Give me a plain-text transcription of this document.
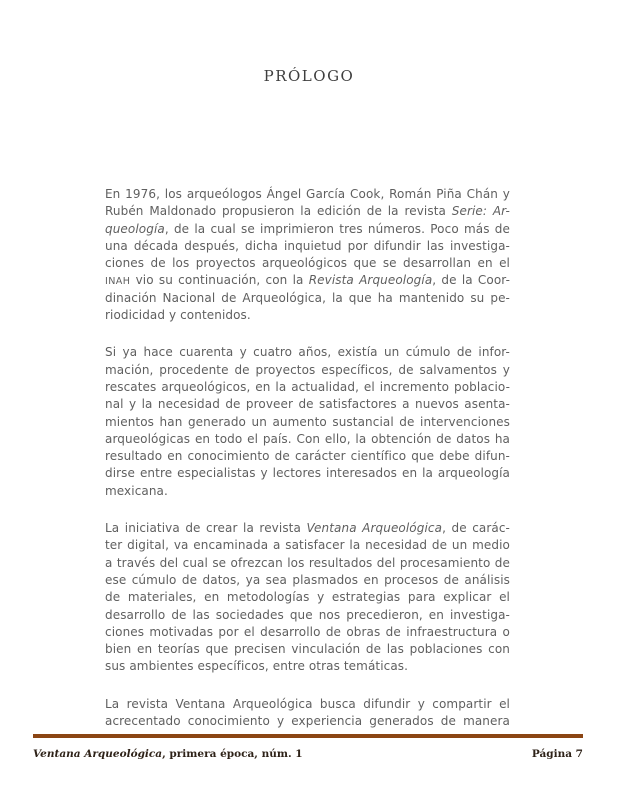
PRÓLOGO
En 1976, los arqueólogos Ángel García Cook, Román Piña Chán y
Rubén Maldonado propusieron la edición de la revista Serie: Ar-
queología, de la cual se imprimieron tres números. Poco más de
una década después, dicha inquietud por difundir las investiga-
ciones de los proyectos arqueológicos que se desarrollan en el
INAH vio su continuación, con la Revista Arqueología, de la Coor-
dinación Nacional de Arqueológica, la que ha mantenido su pe-
riodicidad y contenidos.
Si ya hace cuarenta y cuatro años, existía un cúmulo de infor-
mación, procedente de proyectos específicos, de salvamentos y
rescates arqueológicos, en la actualidad, el incremento poblacio-
nal y la necesidad de proveer de satisfactores a nuevos asenta-
mientos han generado un aumento sustancial de intervenciones
arqueológicas en todo el país. Con ello, la obtención de datos ha
resultado en conocimiento de carácter científico que debe difun-
dirse entre especialistas y lectores interesados en la arqueología
mexicana.
La iniciativa de crear la revista Ventana Arqueológica, de carác-
ter digital, va encaminada a satisfacer la necesidad de un medio
a través del cual se ofrezcan los resultados del procesamiento de
ese cúmulo de datos, ya sea plasmados en procesos de análisis
de materiales, en metodologías y estrategias para explicar el
desarrollo de las sociedades que nos precedieron, en investiga-
ciones motivadas por el desarrollo de obras de infraestructura o
bien en teorías que precisen vinculación de las poblaciones con
sus ambientes específicos, entre otras temáticas.
La revista Ventana Arqueológica busca difundir y compartir el
acrecentado conocimiento y experiencia generados de manera
Ventana Arqueológica, primera época, núm. 1	Página 7
